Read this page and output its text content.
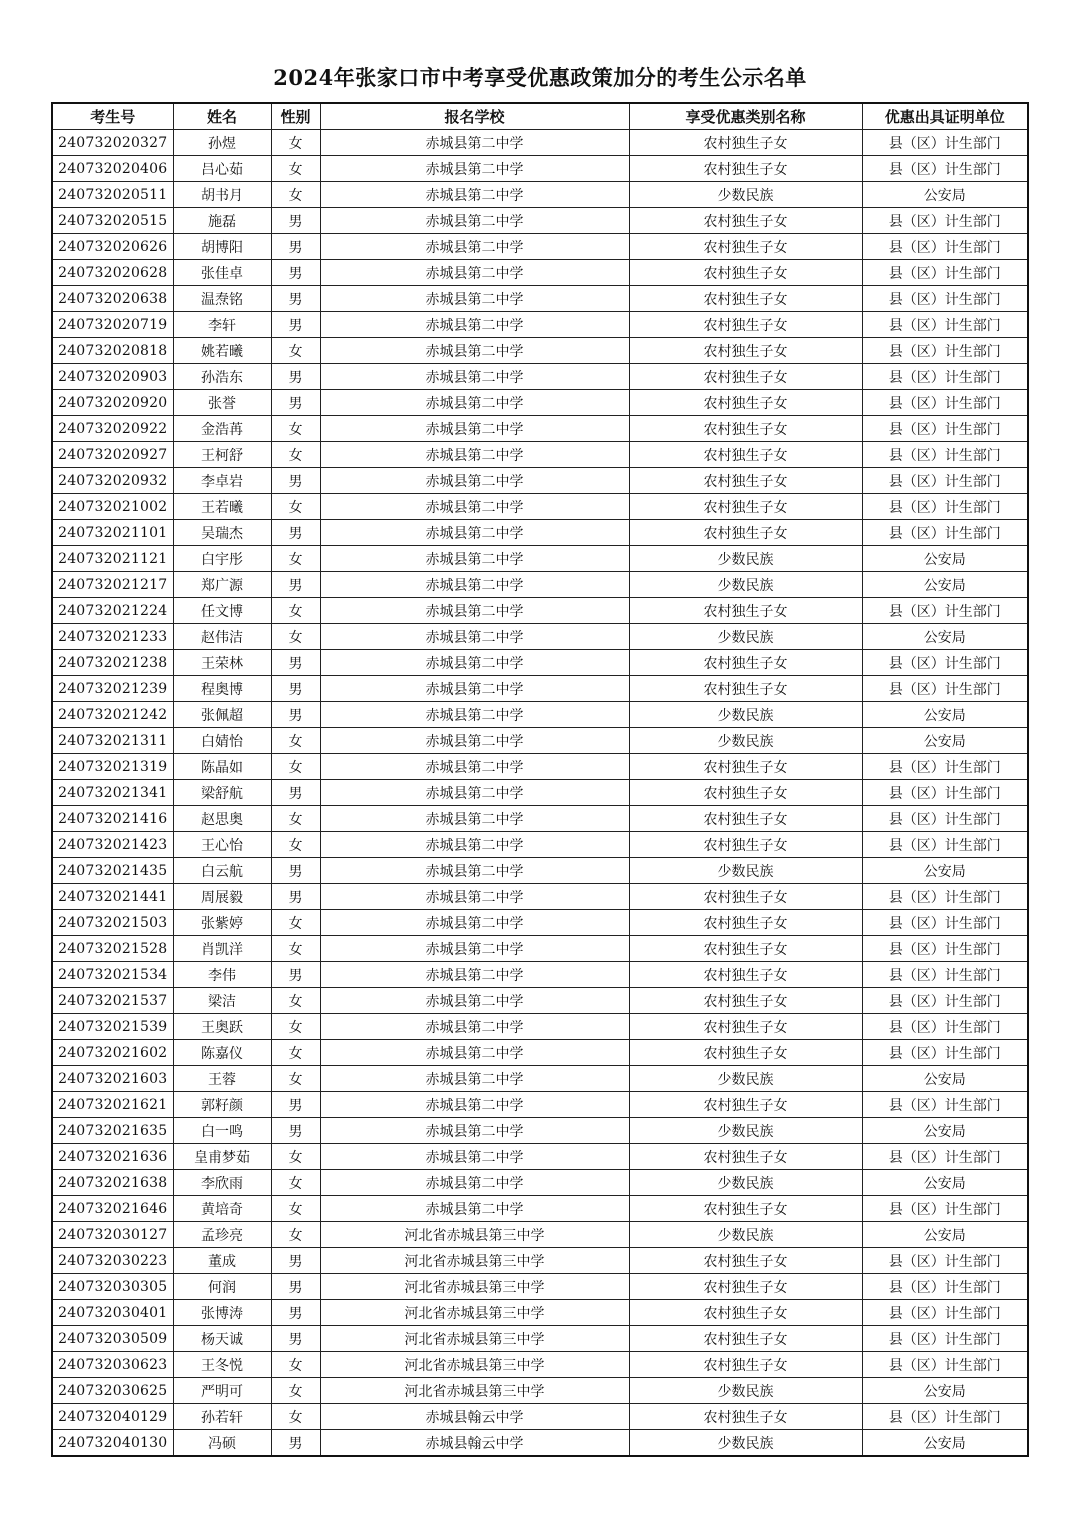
2024年张家口市中考享受优惠政策加分的考生公示名单
考生号	姓名	性别	报名学校	享受优惠类别名称	优惠出具证明单位
240732020327	孙煜	女	赤城县第二中学	农村独生子女	县（区）计生部门
240732020406	吕心茹	女	赤城县第二中学	农村独生子女	县（区）计生部门
240732020511	胡书月	女	赤城县第二中学	少数民族	公安局
240732020515	施磊	男	赤城县第二中学	农村独生子女	县（区）计生部门
240732020626	胡博阳	男	赤城县第二中学	农村独生子女	县（区）计生部门
240732020628	张佳卓	男	赤城县第二中学	农村独生子女	县（区）计生部门
240732020638	温焘铭	男	赤城县第二中学	农村独生子女	县（区）计生部门
240732020719	李轩	男	赤城县第二中学	农村独生子女	县（区）计生部门
240732020818	姚若曦	女	赤城县第二中学	农村独生子女	县（区）计生部门
240732020903	孙浩东	男	赤城县第二中学	农村独生子女	县（区）计生部门
240732020920	张誉	男	赤城县第二中学	农村独生子女	县（区）计生部门
240732020922	金浩苒	女	赤城县第二中学	农村独生子女	县（区）计生部门
240732020927	王柯舒	女	赤城县第二中学	农村独生子女	县（区）计生部门
240732020932	李卓岩	男	赤城县第二中学	农村独生子女	县（区）计生部门
240732021002	王若曦	女	赤城县第二中学	农村独生子女	县（区）计生部门
240732021101	吴瑞杰	男	赤城县第二中学	农村独生子女	县（区）计生部门
240732021121	白宇彤	女	赤城县第二中学	少数民族	公安局
240732021217	郑广源	男	赤城县第二中学	少数民族	公安局
240732021224	任文博	女	赤城县第二中学	农村独生子女	县（区）计生部门
240732021233	赵伟洁	女	赤城县第二中学	少数民族	公安局
240732021238	王荣林	男	赤城县第二中学	农村独生子女	县（区）计生部门
240732021239	程奥博	男	赤城县第二中学	农村独生子女	县（区）计生部门
240732021242	张佩超	男	赤城县第二中学	少数民族	公安局
240732021311	白婧怡	女	赤城县第二中学	少数民族	公安局
240732021319	陈晶如	女	赤城县第二中学	农村独生子女	县（区）计生部门
240732021341	梁舒航	男	赤城县第二中学	农村独生子女	县（区）计生部门
240732021416	赵思奥	女	赤城县第二中学	农村独生子女	县（区）计生部门
240732021423	王心怡	女	赤城县第二中学	农村独生子女	县（区）计生部门
240732021435	白云航	男	赤城县第二中学	少数民族	公安局
240732021441	周展毅	男	赤城县第二中学	农村独生子女	县（区）计生部门
240732021503	张紫婷	女	赤城县第二中学	农村独生子女	县（区）计生部门
240732021528	肖凯洋	女	赤城县第二中学	农村独生子女	县（区）计生部门
240732021534	李伟	男	赤城县第二中学	农村独生子女	县（区）计生部门
240732021537	梁洁	女	赤城县第二中学	农村独生子女	县（区）计生部门
240732021539	王奥跃	女	赤城县第二中学	农村独生子女	县（区）计生部门
240732021602	陈嘉仪	女	赤城县第二中学	农村独生子女	县（区）计生部门
240732021603	王蓉	女	赤城县第二中学	少数民族	公安局
240732021621	郭籽颜	男	赤城县第二中学	农村独生子女	县（区）计生部门
240732021635	白一鸣	男	赤城县第二中学	少数民族	公安局
240732021636	皇甫梦茹	女	赤城县第二中学	农村独生子女	县（区）计生部门
240732021638	李欣雨	女	赤城县第二中学	少数民族	公安局
240732021646	黄培奇	女	赤城县第二中学	农村独生子女	县（区）计生部门
240732030127	孟珍亮	女	河北省赤城县第三中学	少数民族	公安局
240732030223	董成	男	河北省赤城县第三中学	农村独生子女	县（区）计生部门
240732030305	何润	男	河北省赤城县第三中学	农村独生子女	县（区）计生部门
240732030401	张博涛	男	河北省赤城县第三中学	农村独生子女	县（区）计生部门
240732030509	杨天诚	男	河北省赤城县第三中学	农村独生子女	县（区）计生部门
240732030623	王冬悦	女	河北省赤城县第三中学	农村独生子女	县（区）计生部门
240732030625	严明可	女	河北省赤城县第三中学	少数民族	公安局
240732040129	孙若轩	女	赤城县翰云中学	农村独生子女	县（区）计生部门
240732040130	冯硕	男	赤城县翰云中学	少数民族	公安局
